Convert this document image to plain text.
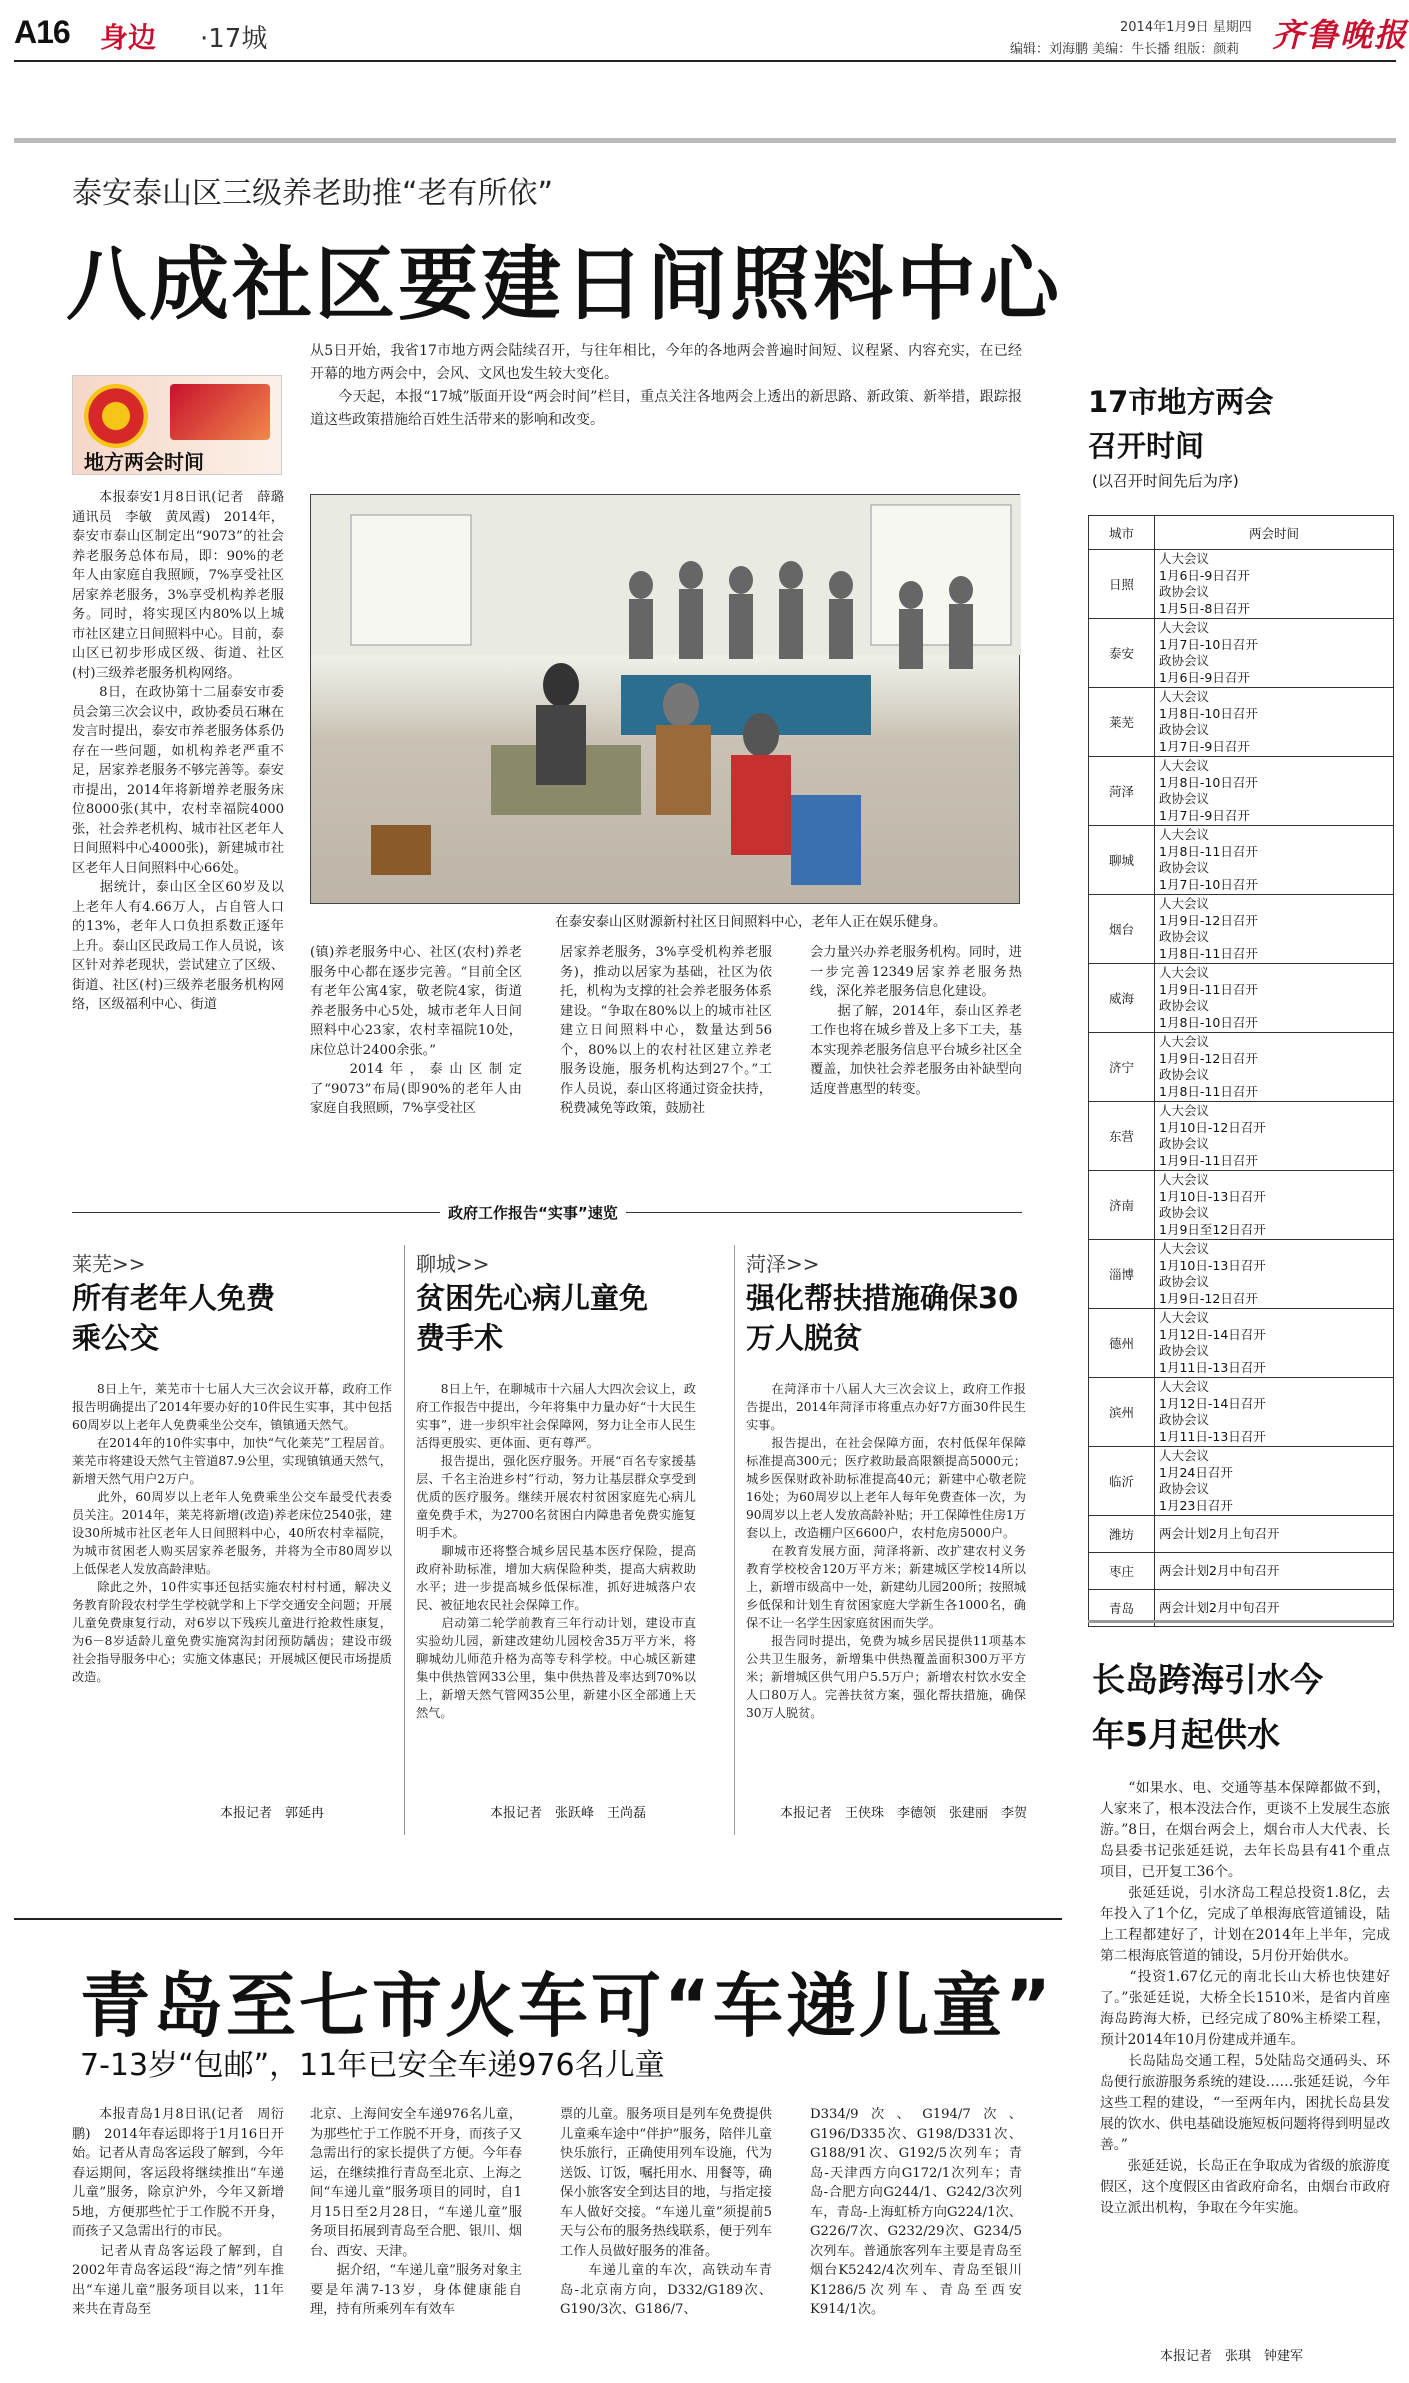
A16 身边 ·17城	2014年1月9日 星期四
编辑：刘海鹏 美编：牛长播 组版：颜莉 齐鲁晚报
泰安泰山区三级养老助推“老有所依”
八成社区要建日间照料中心
地方两会时间
从5日开始，我省17市地方两会陆续召开，与往年相比，今年的各地两会普遍时间短、议程紧、内容充实，在已经开幕的地方两会中，会风、文风也发生较大变化。
　　今天起，本报“17城”版面开设“两会时间”栏目，重点关注各地两会上透出的新思路、新政策、新举措，跟踪报道这些政策措施给百姓生活带来的影响和改变。
在泰安泰山区财源新村社区日间照料中心，老年人正在娱乐健身。
　　本报泰安1月8日讯(记者　薛璐　通讯员　李敏　黄凤霞)　2014年，泰安市泰山区制定出“9073”的社会养老服务总体布局，即：90%的老年人由家庭自我照顾，7%享受社区居家养老服务，3%享受机构养老服务。同时，将实现区内80%以上城市社区建立日间照料中心。目前，泰山区已初步形成区级、街道、社区(村)三级养老服务机构网络。
　　8日，在政协第十二届泰安市委员会第三次会议中，政协委员石琳在发言时提出，泰安市养老服务体系仍存在一些问题，如机构养老严重不足，居家养老服务不够完善等。泰安市提出，2014年将新增养老服务床位8000张(其中，农村幸福院4000张，社会养老机构、城市社区老年人日间照料中心4000张)，新建城市社区老年人日间照料中心66处。
　　据统计，泰山区全区60岁及以上老年人有4.66万人，占自管人口的13%，老年人口负担系数正逐年上升。泰山区民政局工作人员说，该区针对养老现状，尝试建立了区级、街道、社区(村)三级养老服务机构网络，区级福利中心、街道
(镇)养老服务中心、社区(农村)养老服务中心都在逐步完善。“目前全区有老年公寓4家，敬老院4家，街道养老服务中心5处，城市老年人日间照料中心23家，农村幸福院10处，床位总计2400余张。”
　　2014年，泰山区制定了“9073”布局(即90%的老年人由家庭自我照顾，7%享受社区
居家养老服务，3%享受机构养老服务)，推动以居家为基础，社区为依托，机构为支撑的社会养老服务体系建设。“争取在80%以上的城市社区建立日间照料中心，数量达到56个，80%以上的农村社区建立养老服务设施，服务机构达到27个。”工作人员说，泰山区将通过资金扶持，税费减免等政策，鼓励社
会力量兴办养老服务机构。同时，进一步完善12349居家养老服务热线，深化养老服务信息化建设。
　　据了解，2014年，泰山区养老工作也将在城乡普及上多下工夫，基本实现养老服务信息平台城乡社区全覆盖，加快社会养老服务由补缺型向适度普惠型的转变。
17市地方两会召开时间
(以召开时间先后为序)
城市	两会时间
日照	人大会议
1月6日-9日召开
政协会议
1月5日-8日召开

泰安	人大会议
1月7日-10日召开
政协会议
1月6日-9日召开

莱芜	人大会议
1月8日-10日召开
政协会议
1月7日-9日召开

菏泽	人大会议
1月8日-10日召开
政协会议
1月7日-9日召开

聊城	人大会议
1月8日-11日召开
政协会议
1月7日-10日召开

烟台	人大会议
1月9日-12日召开
政协会议
1月8日-11日召开

威海	人大会议
1月9日-11日召开
政协会议
1月8日-10日召开

济宁	人大会议
1月9日-12日召开
政协会议
1月8日-11日召开

东营	人大会议
1月10日-12日召开
政协会议
1月9日-11日召开

济南	人大会议
1月10日-13日召开
政协会议
1月9日至12日召开

淄博	人大会议
1月10日-13日召开
政协会议
1月9日-12日召开

德州	人大会议
1月12日-14日召开
政协会议
1月11日-13日召开

滨州	人大会议
1月12日-14日召开
政协会议
1月11日-13日召开

临沂	人大会议
1月24日召开
政协会议
1月23日召开

潍坊	两会计划2月上旬召开

枣庄	两会计划2月中旬召开

青岛	两会计划2月中旬召开
政府工作报告“实事”速览
莱芜>>
所有老年人免费乘公交
　　8日上午，莱芜市十七届人大三次会议开幕，政府工作报告明确提出了2014年要办好的10件民生实事，其中包括60周岁以上老年人免费乘坐公交车，镇镇通天然气。
　　在2014年的10件实事中，加快“气化莱芜”工程居首。莱芜市将建设天然气主管道87.9公里，实现镇镇通天然气，新增天然气用户2万户。
　　此外，60周岁以上老年人免费乘坐公交车最受代表委员关注。2014年，莱芜将新增(改造)养老床位2540张，建设30所城市社区老年人日间照料中心，40所农村幸福院，为城市贫困老人购买居家养老服务，并将为全市80周岁以上低保老人发放高龄津贴。
　　除此之外，10件实事还包括实施农村村村通，解决义务教育阶段农村学生学校就学和上下学交通安全问题；开展儿童免费康复行动，对6岁以下残疾儿童进行抢救性康复，为6－8岁适龄儿童免费实施窝沟封闭预防龋齿；建设市级社会指导服务中心；实施文体惠民；开展城区便民市场提质改造。
本报记者　郭延冉
聊城>>
贫困先心病儿童免费手术
　　8日上午，在聊城市十六届人大四次会议上，政府工作报告中提出，今年将集中力量办好“十大民生实事”，进一步织牢社会保障网，努力让全市人民生活得更殷实、更体面、更有尊严。
　　报告提出，强化医疗服务。开展“百名专家援基层、千名主治进乡村”行动，努力让基层群众享受到优质的医疗服务。继续开展农村贫困家庭先心病儿童免费手术，为2700名贫困白内障患者免费实施复明手术。
　　聊城市还将整合城乡居民基本医疗保险，提高政府补助标准，增加大病保险种类，提高大病救助水平；进一步提高城乡低保标准，抓好进城落户农民、被征地农民社会保障工作。
　　启动第二轮学前教育三年行动计划，建设市直实验幼儿园，新建改建幼儿园校舍35万平方米，将聊城幼儿师范升格为高等专科学校。中心城区新建集中供热管网33公里，集中供热普及率达到70%以上，新增天然气管网35公里，新建小区全部通上天然气。
本报记者　张跃峰　王尚磊
菏泽>>
强化帮扶措施确保30万人脱贫
　　在菏泽市十八届人大三次会议上，政府工作报告提出，2014年菏泽市将重点办好7方面30件民生实事。
　　报告提出，在社会保障方面，农村低保年保障标准提高300元；医疗救助最高限额提高5000元；城乡医保财政补助标准提高40元；新建中心敬老院16处；为60周岁以上老年人每年免费查体一次，为90周岁以上老人发放高龄补贴；开工保障性住房1万套以上，改造棚户区6600户，农村危房5000户。
　　在教育发展方面，菏泽将新、改扩建农村义务教育学校校舍120万平方米；新建城区学校14所以上，新增市级高中一处，新建幼儿园200所；按照城乡低保和计划生育贫困家庭大学新生各1000名，确保不让一名学生因家庭贫困而失学。
　　报告同时提出，免费为城乡居民提供11项基本公共卫生服务，新增集中供热覆盖面积300万平方米；新增城区供气用户5.5万户；新增农村饮水安全人口80万人。完善扶贫方案，强化帮扶措施，确保30万人脱贫。
本报记者　王侠珠　李德领　张建丽　李贺
青岛至七市火车可“车递儿童”
7-13岁“包邮”，11年已安全车递976名儿童
　　本报青岛1月8日讯(记者　周衍鹏)　2014年春运即将于1月16日开始。记者从青岛客运段了解到，今年春运期间，客运段将继续推出“车递儿童”服务，除京沪外，今年又新增5地，方便那些忙于工作脱不开身，而孩子又急需出行的市民。
　　记者从青岛客运段了解到，自2002年青岛客运段“海之情”列车推出“车递儿童”服务项目以来，11年来共在青岛至
北京、上海间安全车递976名儿童，为那些忙于工作脱不开身，而孩子又急需出行的家长提供了方便。今年春运，在继续推行青岛至北京、上海之间“车递儿童”服务项目的同时，自1月15日至2月28日，“车递儿童”服务项目拓展到青岛至合肥、银川、烟台、西安、天津。
　　据介绍，“车递儿童”服务对象主要是年满7-13岁，身体健康能自理，持有所乘列车有效车
票的儿童。服务项目是列车免费提供儿童乘车途中“伴护”服务，陪伴儿童快乐旅行，正确使用列车设施，代为送饭、订饭，嘱托用水、用餐等，确保小旅客安全到达目的地，与指定接车人做好交接。“车递儿童”须提前5天与公布的服务热线联系，便于列车工作人员做好服务的准备。
　　车递儿童的车次，高铁动车青岛-北京南方向，D332/G189次、G190/3次、G186/7、
D334/9次、G194/7次、G196/D335次、G198/D331次、G188/91次、G192/5次列车；青岛-天津西方向G172/1次列车；青岛-合肥方向G244/1、G242/3次列车，青岛-上海虹桥方向G224/1次、G226/7次、G232/29次、G234/5次列车。普通旅客列车主要是青岛至烟台K5242/4次列车、青岛至银川K1286/5次列车、青岛至西安K914/1次。
长岛跨海引水今年5月起供水
　　“如果水、电、交通等基本保障都做不到，人家来了，根本没法合作，更谈不上发展生态旅游。”8日，在烟台两会上，烟台市人大代表、长岛县委书记张延廷说，去年长岛县有41个重点项目，已开复工36个。
　　张延廷说，引水济岛工程总投资1.8亿，去年投入了1个亿，完成了单根海底管道铺设，陆上工程都建好了，计划在2014年上半年，完成第二根海底管道的铺设，5月份开始供水。
　　“投资1.67亿元的南北长山大桥也快建好了。”张延廷说，大桥全长1510米，是省内首座海岛跨海大桥，已经完成了80%主桥梁工程，预计2014年10月份建成并通车。
　　长岛陆岛交通工程，5处陆岛交通码头、环岛便行旅游服务系统的建设……张延廷说，今年这些工程的建设，“一至两年内，困扰长岛县发展的饮水、供电基础设施短板问题将得到明显改善。”
　　张延廷说，长岛正在争取成为省级的旅游度假区，这个度假区由省政府命名，由烟台市政府设立派出机构，争取在今年实施。
本报记者　张琪　钟建军
